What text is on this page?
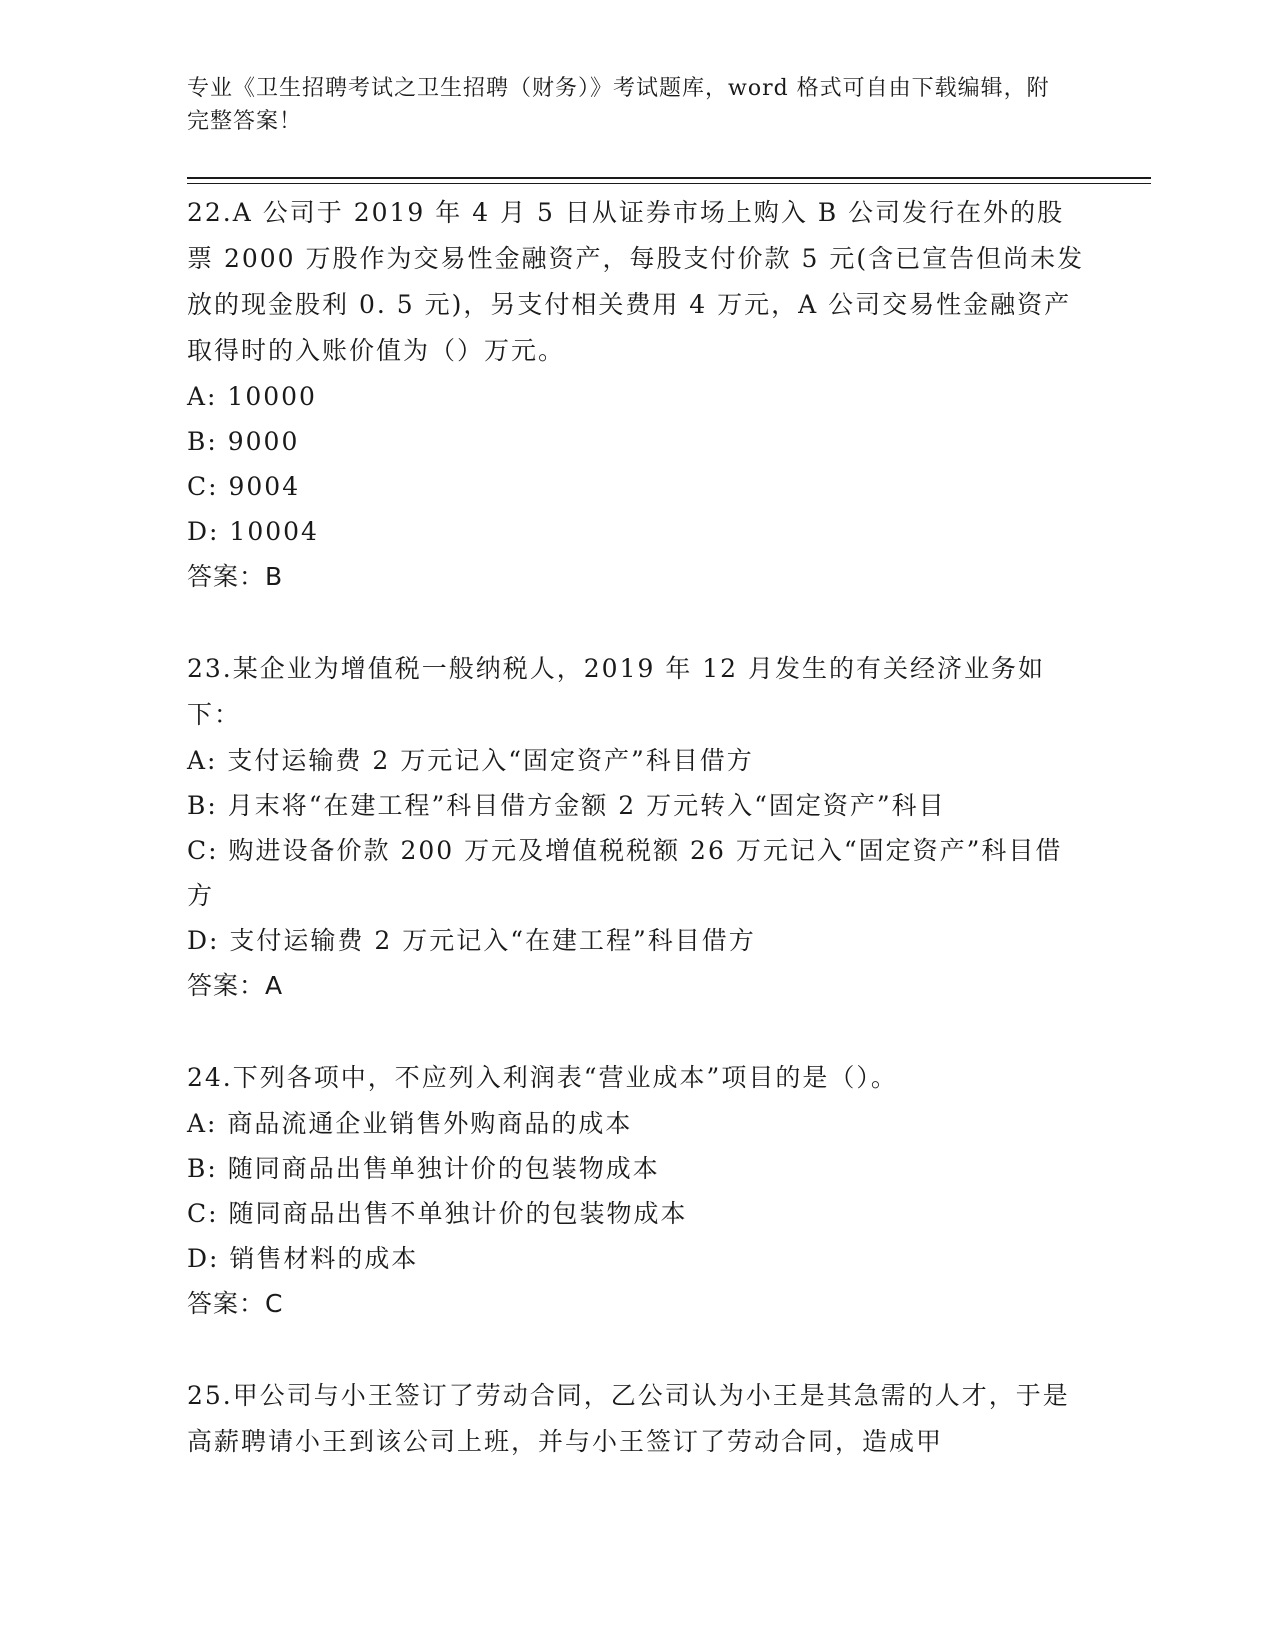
专业《卫生招聘考试之卫生招聘（财务）》考试题库，word 格式可自由下载编辑，附完整答案！
22.A 公司于 2019 年 4 月 5 日从证券市场上购入 B 公司发行在外的股票 2000 万股作为交易性金融资产，每股支付价款 5 元(含已宣告但尚未发放的现金股利 0. 5 元)，另支付相关费用 4 万元，A 公司交易性金融资产取得时的入账价值为（）万元。
A: 10000
B: 9000
C: 9004
D: 10004
答案：B
23.某企业为增值税一般纳税人，2019 年 12 月发生的有关经济业务如下：
A: 支付运输费 2 万元记入“固定资产”科目借方
B: 月末将“在建工程”科目借方金额 2 万元转入“固定资产”科目
C: 购进设备价款 200 万元及增值税税额 26 万元记入“固定资产”科目借方
D: 支付运输费 2 万元记入“在建工程”科目借方
答案：A
24.下列各项中，不应列入利润表“营业成本”项目的是（）。
A: 商品流通企业销售外购商品的成本
B: 随同商品出售单独计价的包装物成本
C: 随同商品出售不单独计价的包装物成本
D: 销售材料的成本
答案：C
25.甲公司与小王签订了劳动合同，乙公司认为小王是其急需的人才，于是高薪聘请小王到该公司上班，并与小王签订了劳动合同，造成甲
